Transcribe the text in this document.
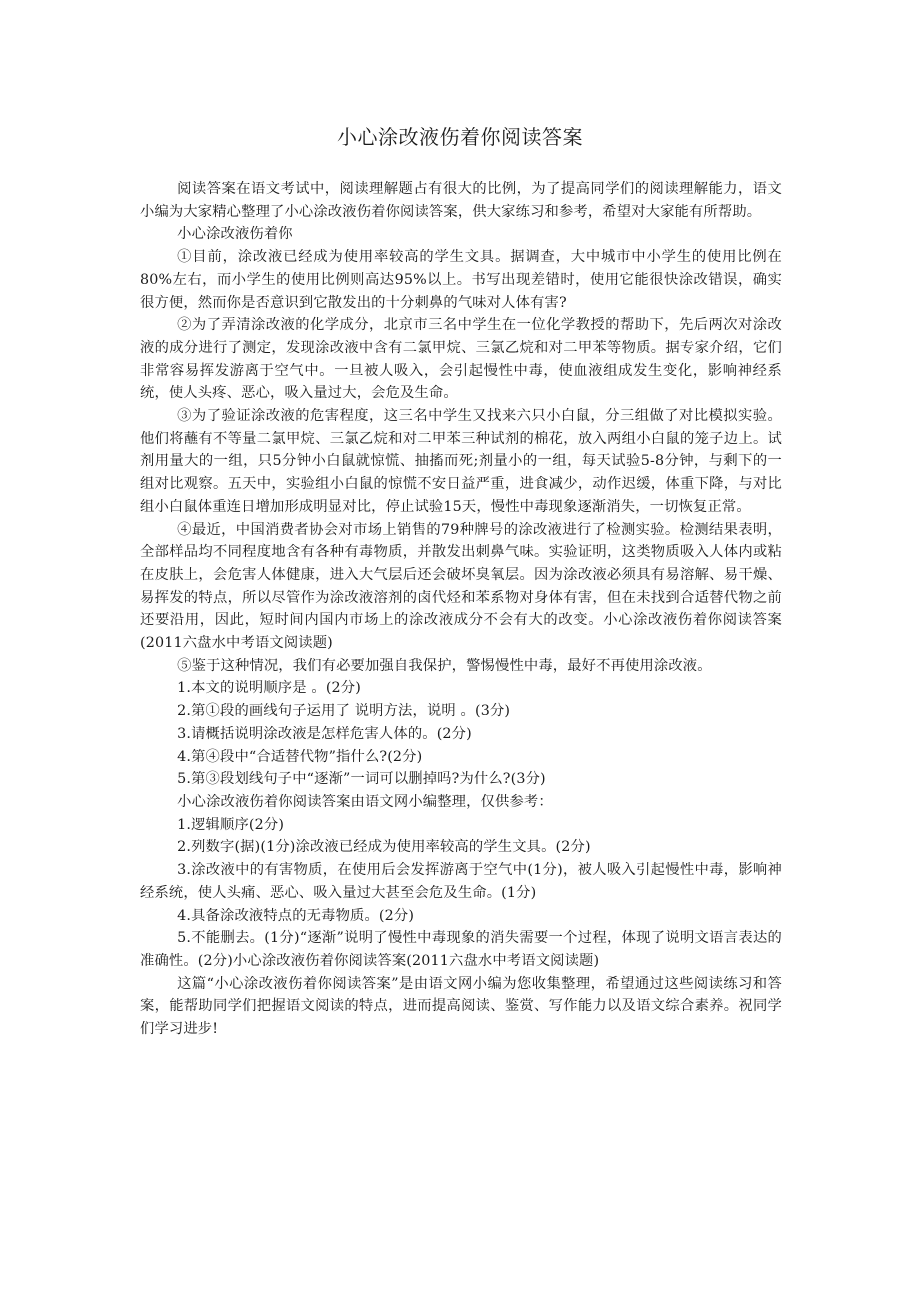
小心涂改液伤着你阅读答案

阅读答案在语文考试中，阅读理解题占有很大的比例，为了提高同学们的阅读理解能力，语文小编为大家精心整理了小心涂改液伤着你阅读答案，供大家练习和参考，希望对大家能有所帮助。

小心涂改液伤着你

①目前，涂改液已经成为使用率较高的学生文具。据调查，大中城市中小学生的使用比例在80%左右，而小学生的使用比例则高达95%以上。书写出现差错时，使用它能很快涂改错误，确实很方便，然而你是否意识到它散发出的十分刺鼻的气味对人体有害?

②为了弄清涂改液的化学成分，北京市三名中学生在一位化学教授的帮助下，先后两次对涂改液的成分进行了测定，发现涂改液中含有二氯甲烷、三氯乙烷和对二甲苯等物质。据专家介绍，它们非常容易挥发游离于空气中。一旦被人吸入，会引起慢性中毒，使血液组成发生变化，影响神经系统，使人头疼、恶心，吸入量过大，会危及生命。

③为了验证涂改液的危害程度，这三名中学生又找来六只小白鼠，分三组做了对比模拟实验。他们将蘸有不等量二氯甲烷、三氯乙烷和对二甲苯三种试剂的棉花，放入两组小白鼠的笼子边上。试剂用量大的一组，只5分钟小白鼠就惊慌、抽搐而死;剂量小的一组，每天试验5-8分钟，与剩下的一组对比观察。五天中，实验组小白鼠的惊慌不安日益严重，进食减少，动作迟缓，体重下降，与对比组小白鼠体重连日增加形成明显对比，停止试验15天，慢性中毒现象逐渐消失，一切恢复正常。

④最近，中国消费者协会对市场上销售的79种牌号的涂改液进行了检测实验。检测结果表明，全部样品均不同程度地含有各种有毒物质，并散发出刺鼻气味。实验证明，这类物质吸入人体内或粘在皮肤上，会危害人体健康，进入大气层后还会破坏臭氧层。因为涂改液必须具有易溶解、易干燥、易挥发的特点，所以尽管作为涂改液溶剂的卤代烃和苯系物对身体有害，但在未找到合适替代物之前还要沿用，因此，短时间内国内市场上的涂改液成分不会有大的改变。小心涂改液伤着你阅读答案(2011六盘水中考语文阅读题)

⑤鉴于这种情况，我们有必要加强自我保护，警惕慢性中毒，最好不再使用涂改液。

1.本文的说明顺序是 。(2分)

2.第①段的画线句子运用了 说明方法，说明 。(3分)

3.请概括说明涂改液是怎样危害人体的。(2分)

4.第④段中“合适替代物”指什么?(2分)

5.第③段划线句子中“逐渐”一词可以删掉吗?为什么?(3分)

小心涂改液伤着你阅读答案由语文网小编整理，仅供参考：

1.逻辑顺序(2分)

2.列数字(据)(1分)涂改液已经成为使用率较高的学生文具。(2分)

3.涂改液中的有害物质，在使用后会发挥游离于空气中(1分)，被人吸入引起慢性中毒，影响神经系统，使人头痛、恶心、吸入量过大甚至会危及生命。(1分)

4.具备涂改液特点的无毒物质。(2分)

5.不能删去。(1分)“逐渐”说明了慢性中毒现象的消失需要一个过程，体现了说明文语言表达的准确性。(2分)小心涂改液伤着你阅读答案(2011六盘水中考语文阅读题)

这篇“小心涂改液伤着你阅读答案”是由语文网小编为您收集整理，希望通过这些阅读练习和答案，能帮助同学们把握语文阅读的特点，进而提高阅读、鉴赏、写作能力以及语文综合素养。祝同学们学习进步!
